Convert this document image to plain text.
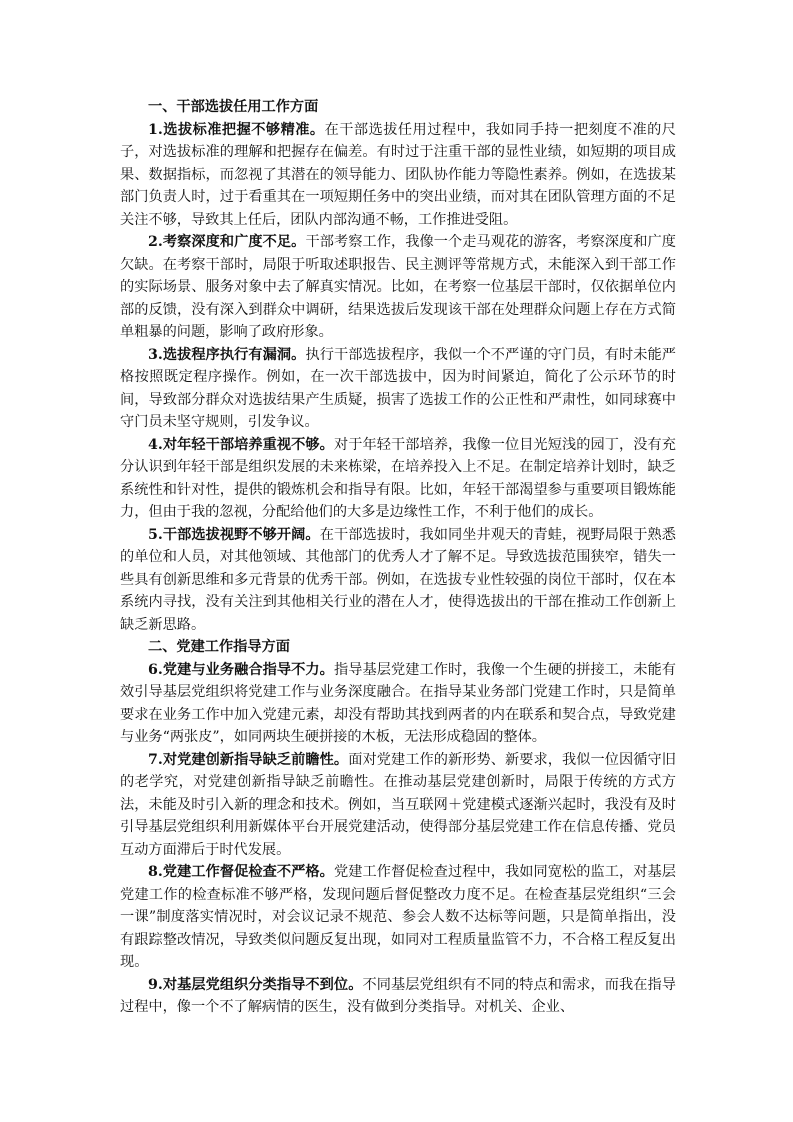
一、干部选拔任用工作方面

1.选拔标准把握不够精准。在干部选拔任用过程中，我如同手持一把刻度不准的尺子，对选拔标准的理解和把握存在偏差。有时过于注重干部的显性业绩，如短期的项目成果、数据指标，而忽视了其潜在的领导能力、团队协作能力等隐性素养。例如，在选拔某部门负责人时，过于看重其在一项短期任务中的突出业绩，而对其在团队管理方面的不足关注不够，导致其上任后，团队内部沟通不畅，工作推进受阻。

2.考察深度和广度不足。干部考察工作，我像一个走马观花的游客，考察深度和广度欠缺。在考察干部时，局限于听取述职报告、民主测评等常规方式，未能深入到干部工作的实际场景、服务对象中去了解真实情况。比如，在考察一位基层干部时，仅依据单位内部的反馈，没有深入到群众中调研，结果选拔后发现该干部在处理群众问题上存在方式简单粗暴的问题，影响了政府形象。

3.选拔程序执行有漏洞。执行干部选拔程序，我似一个不严谨的守门员，有时未能严格按照既定程序操作。例如，在一次干部选拔中，因为时间紧迫，简化了公示环节的时间，导致部分群众对选拔结果产生质疑，损害了选拔工作的公正性和严肃性，如同球赛中守门员未坚守规则，引发争议。

4.对年轻干部培养重视不够。对于年轻干部培养，我像一位目光短浅的园丁，没有充分认识到年轻干部是组织发展的未来栋梁，在培养投入上不足。在制定培养计划时，缺乏系统性和针对性，提供的锻炼机会和指导有限。比如，年轻干部渴望参与重要项目锻炼能力，但由于我的忽视，分配给他们的大多是边缘性工作，不利于他们的成长。

5.干部选拔视野不够开阔。在干部选拔时，我如同坐井观天的青蛙，视野局限于熟悉的单位和人员，对其他领域、其他部门的优秀人才了解不足。导致选拔范围狭窄，错失一些具有创新思维和多元背景的优秀干部。例如，在选拔专业性较强的岗位干部时，仅在本系统内寻找，没有关注到其他相关行业的潜在人才，使得选拔出的干部在推动工作创新上缺乏新思路。

二、党建工作指导方面

6.党建与业务融合指导不力。指导基层党建工作时，我像一个生硬的拼接工，未能有效引导基层党组织将党建工作与业务深度融合。在指导某业务部门党建工作时，只是简单要求在业务工作中加入党建元素，却没有帮助其找到两者的内在联系和契合点，导致党建与业务“两张皮”，如同两块生硬拼接的木板，无法形成稳固的整体。

7.对党建创新指导缺乏前瞻性。面对党建工作的新形势、新要求，我似一位因循守旧的老学究，对党建创新指导缺乏前瞻性。在推动基层党建创新时，局限于传统的方式方法，未能及时引入新的理念和技术。例如，当互联网＋党建模式逐渐兴起时，我没有及时引导基层党组织利用新媒体平台开展党建活动，使得部分基层党建工作在信息传播、党员互动方面滞后于时代发展。

8.党建工作督促检查不严格。党建工作督促检查过程中，我如同宽松的监工，对基层党建工作的检查标准不够严格，发现问题后督促整改力度不足。在检查基层党组织“三会一课”制度落实情况时，对会议记录不规范、参会人数不达标等问题，只是简单指出，没有跟踪整改情况，导致类似问题反复出现，如同对工程质量监管不力，不合格工程反复出现。

9.对基层党组织分类指导不到位。不同基层党组织有不同的特点和需求，而我在指导过程中，像一个不了解病情的医生，没有做到分类指导。对机关、企业、
